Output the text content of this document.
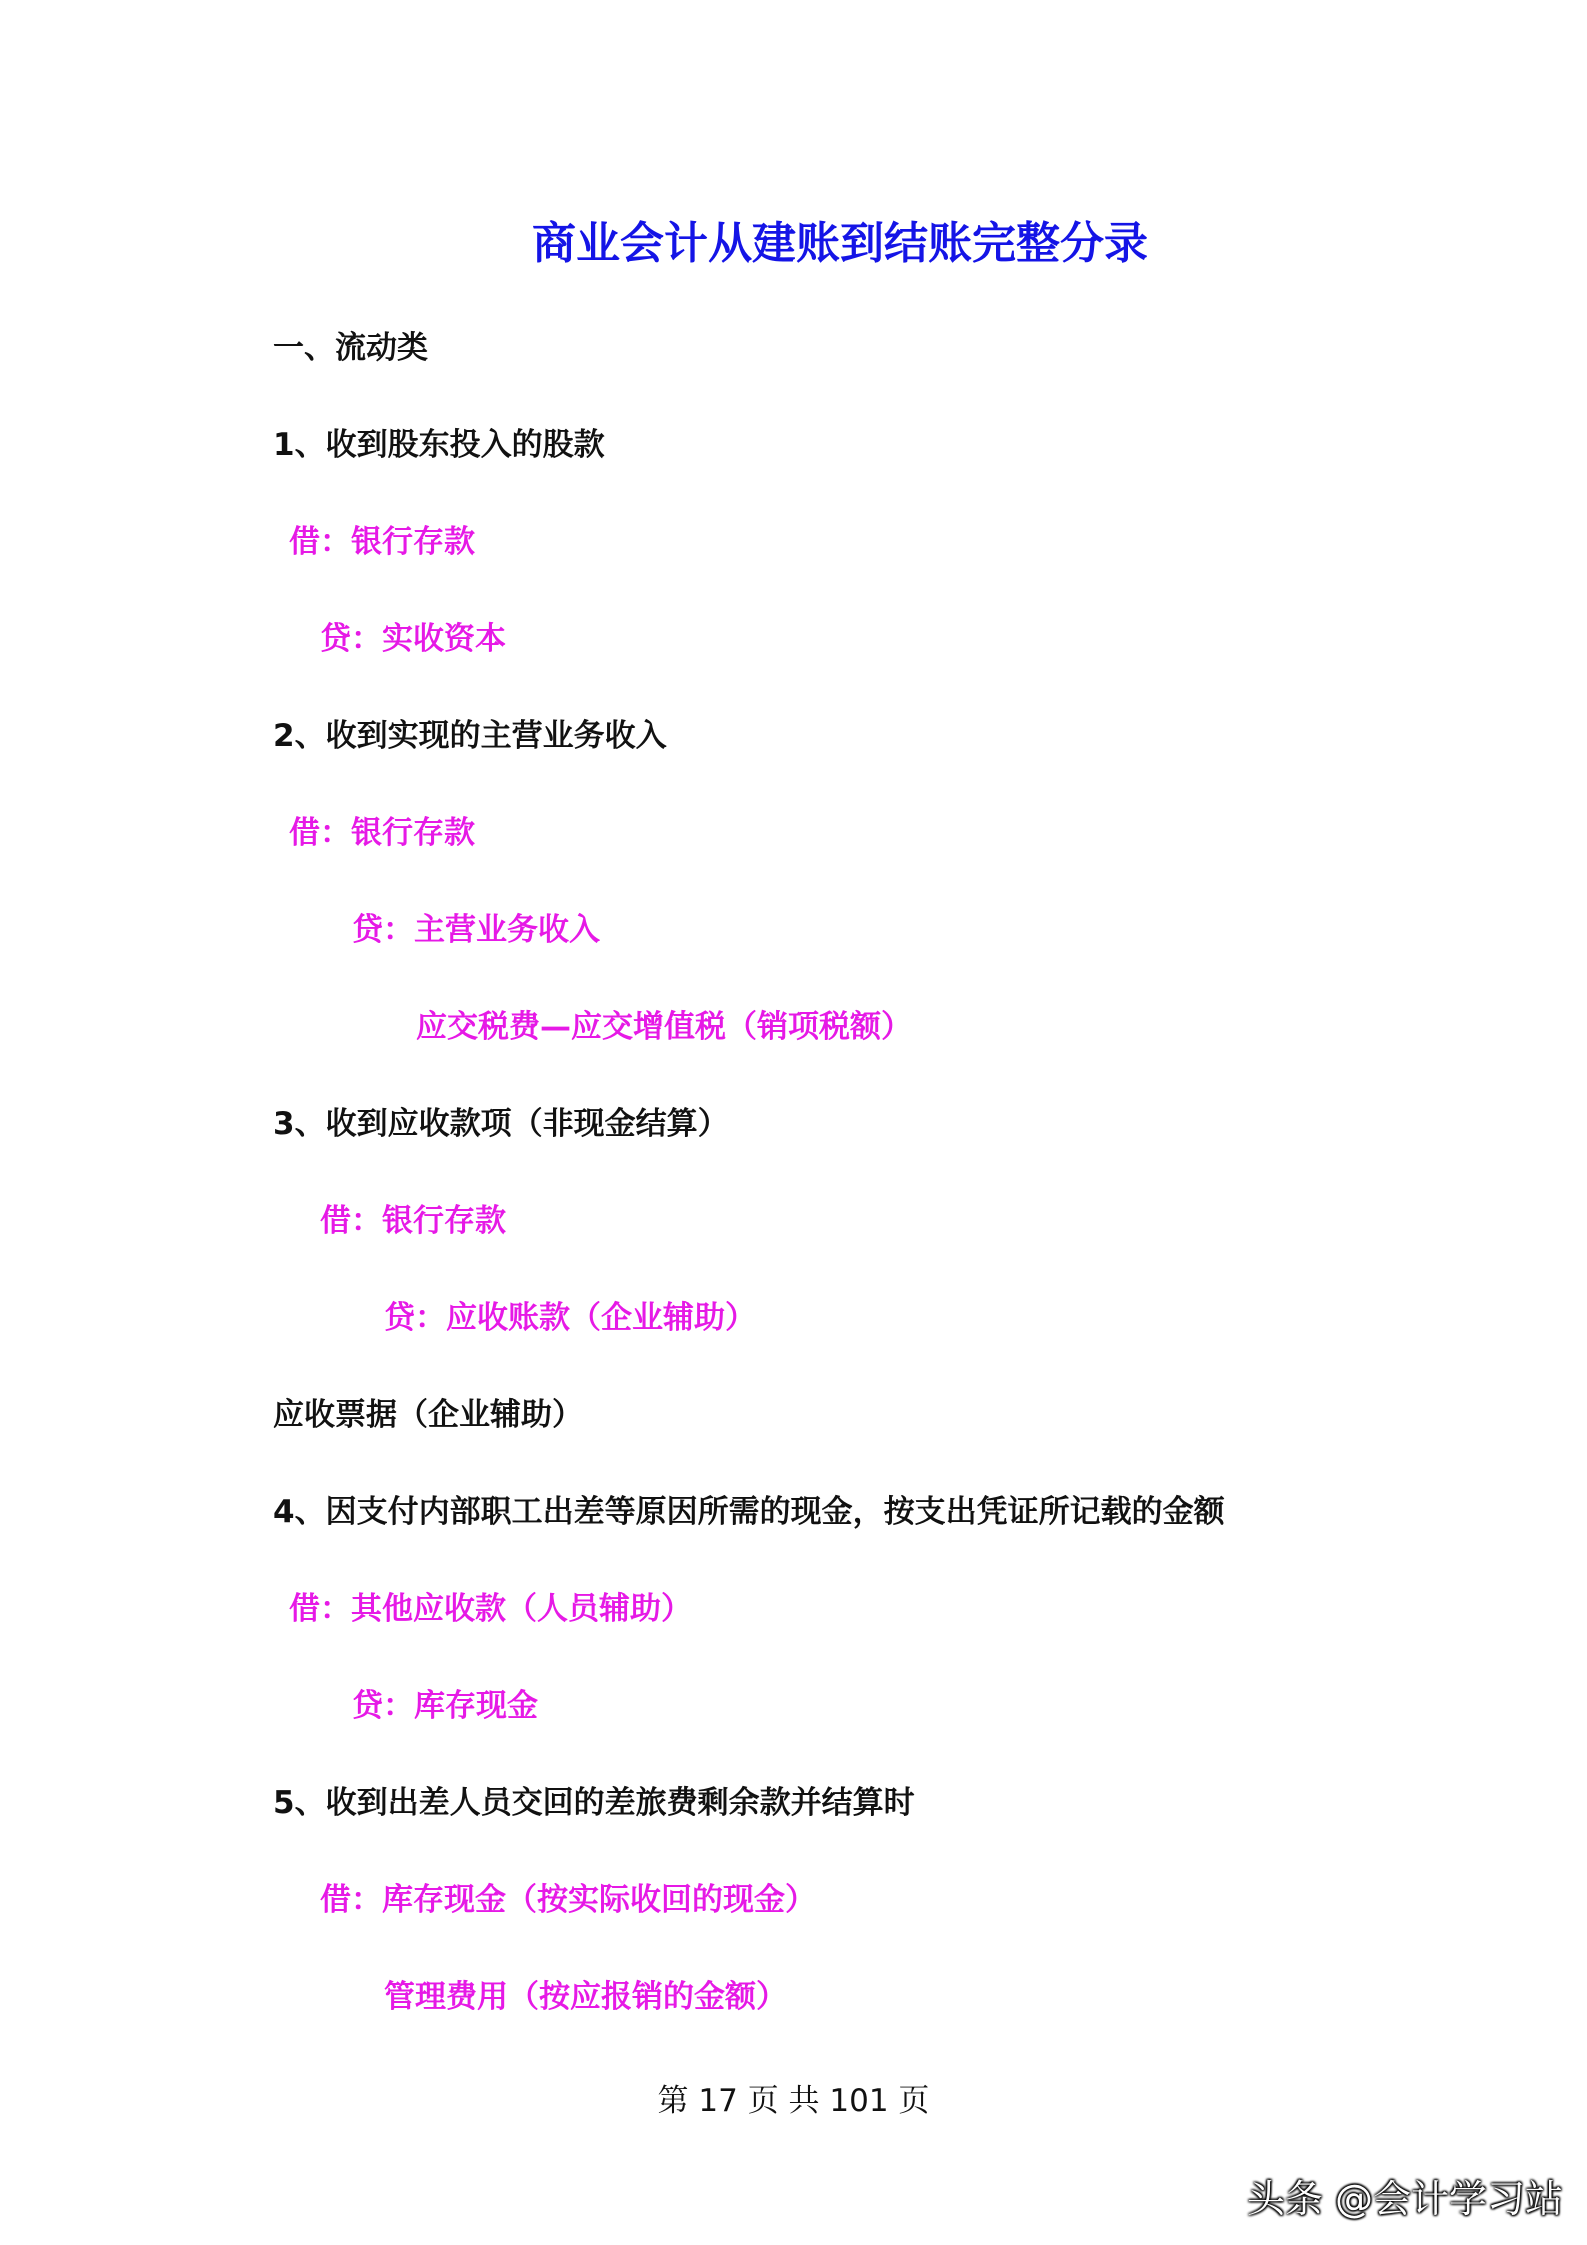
商业会计从建账到结账完整分录
一、流动类
1、收到股东投入的股款
借：银行存款
贷：实收资本
2、收到实现的主营业务收入
借：银行存款
贷：主营业务收入
应交税费—应交增值税（销项税额）
3、收到应收款项（非现金结算）
借：银行存款
贷：应收账款（企业辅助）
应收票据（企业辅助）
4、因支付内部职工出差等原因所需的现金，按支出凭证所记载的金额
借：其他应收款（人员辅助）
贷：库存现金
5、收到出差人员交回的差旅费剩余款并结算时
借：库存现金（按实际收回的现金）
管理费用（按应报销的金额）
第 17 页 共 101 页
头条 @会计学习站
